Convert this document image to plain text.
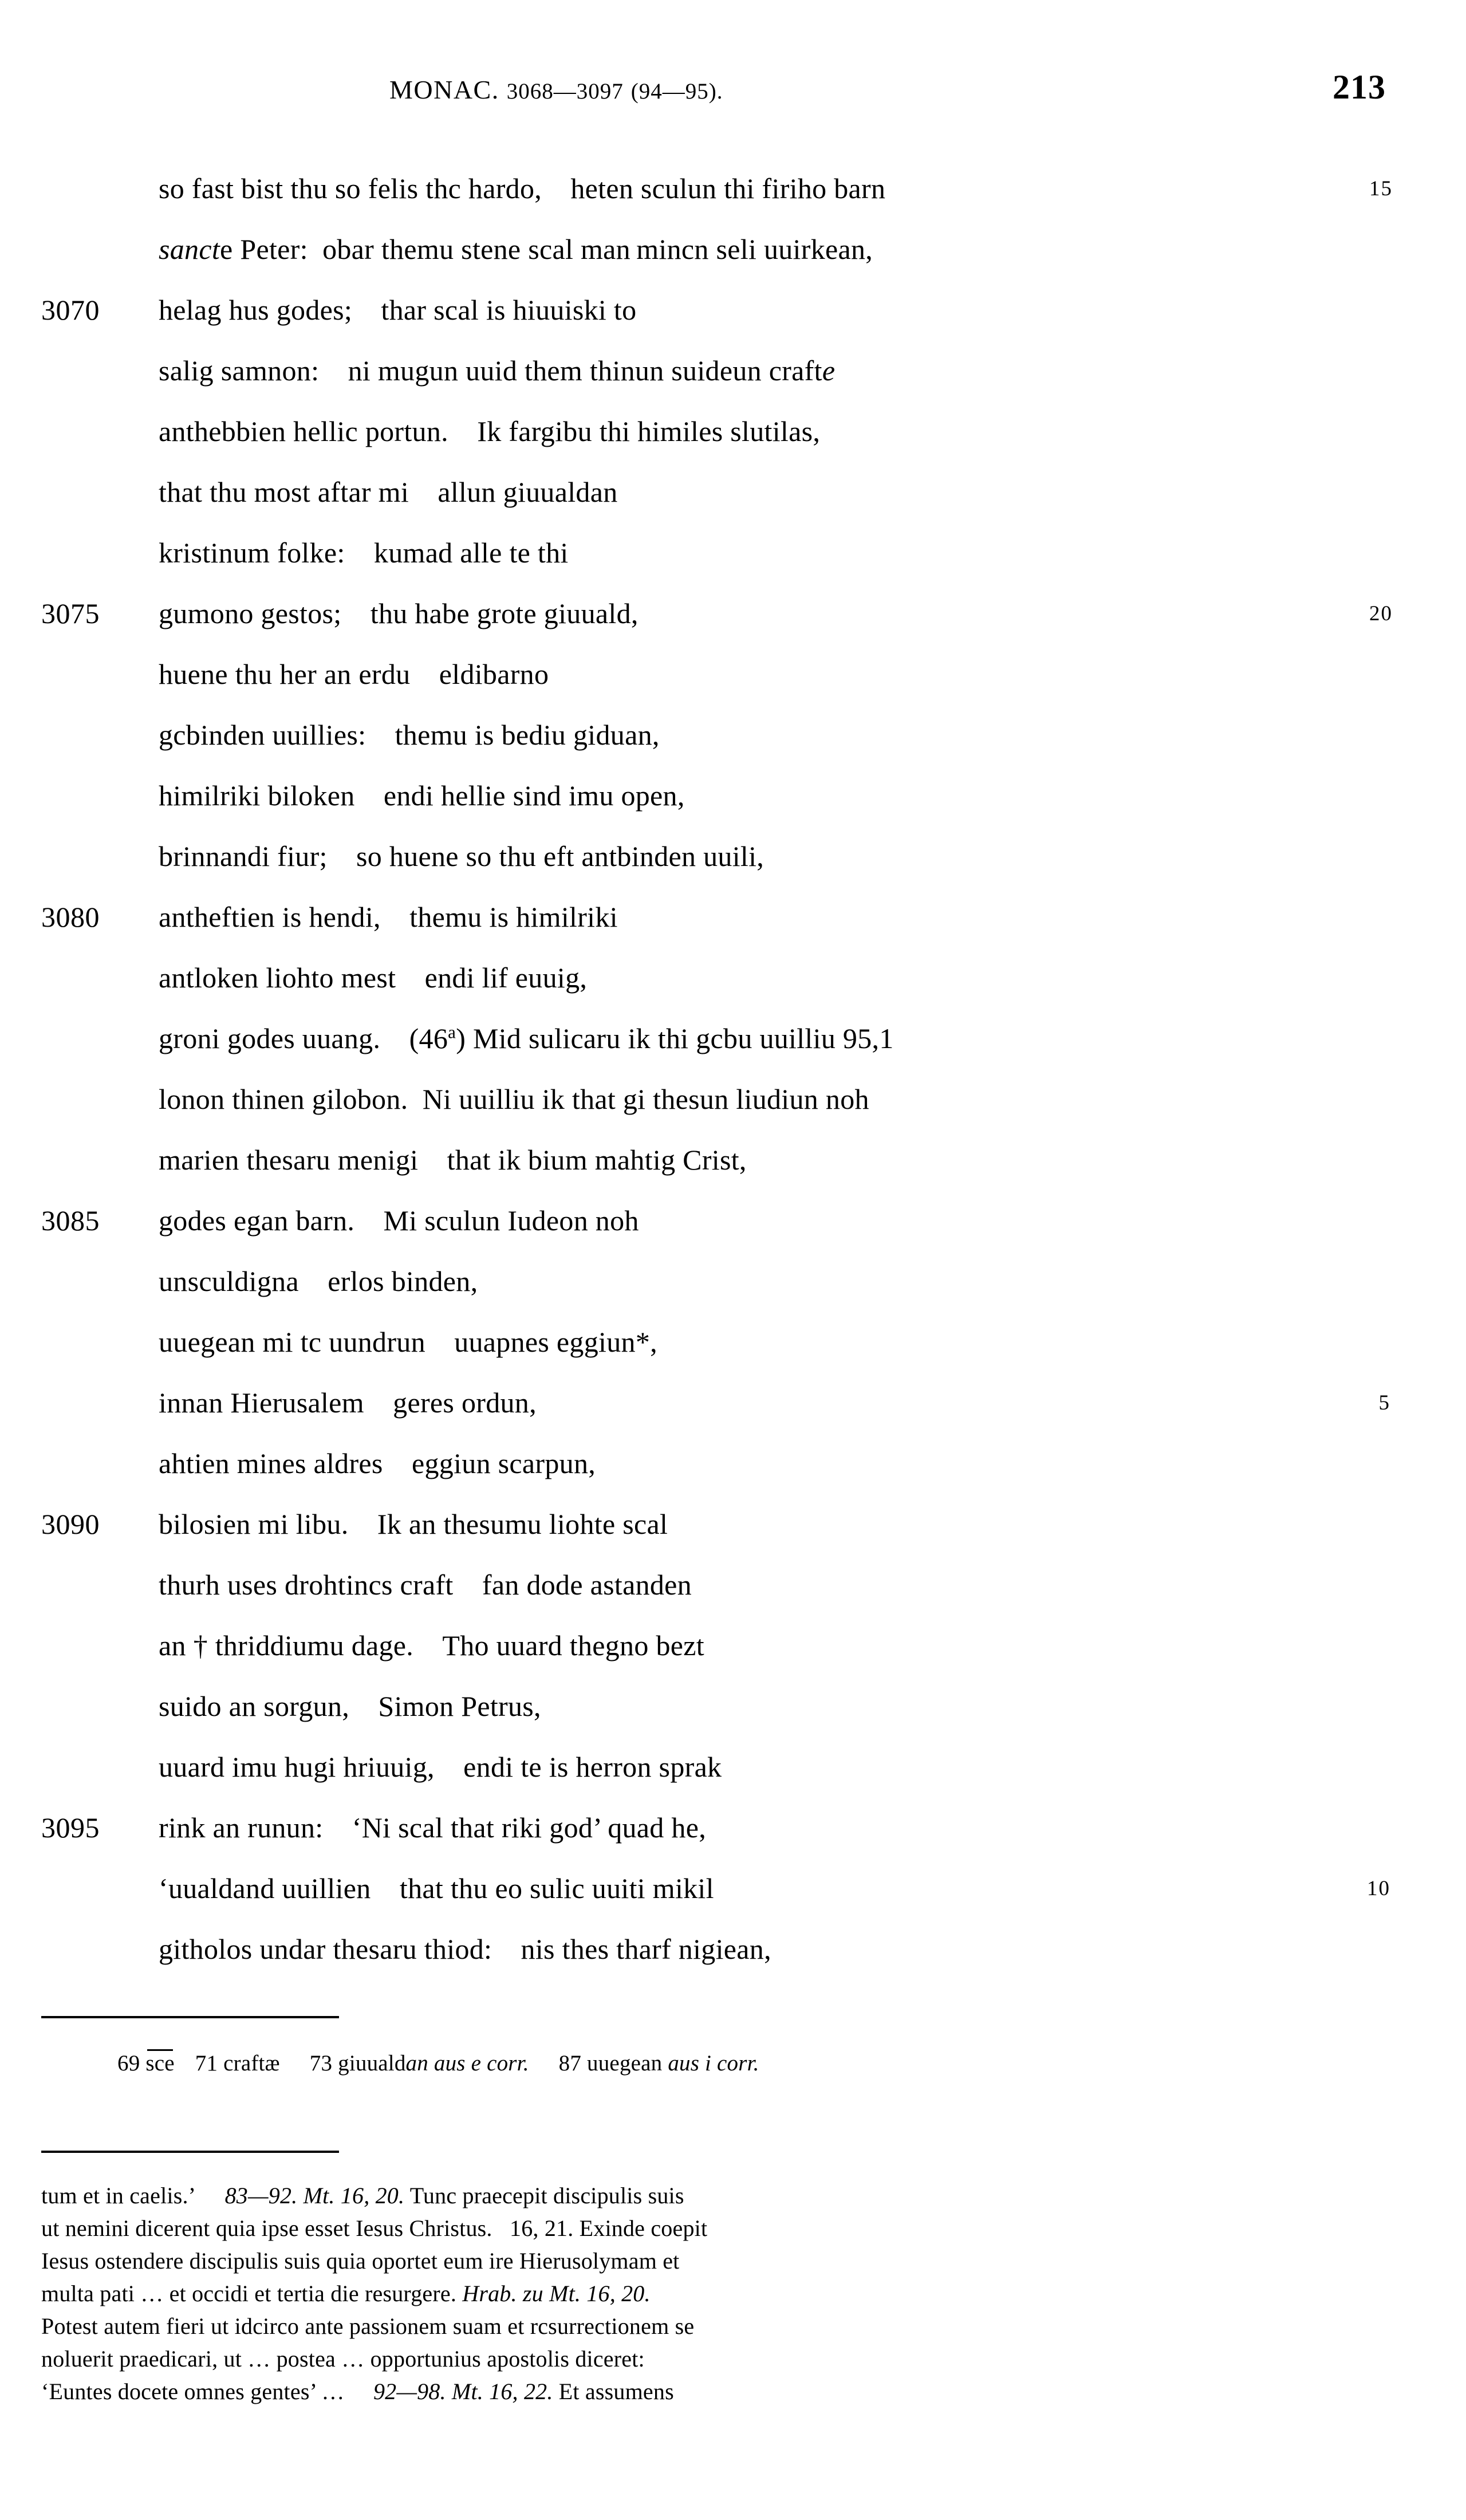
MONAC. 3068—3097 (94—95).	213
so fast bist thu so felis thc hardo, heten sculun thi firiho barn	15
sancte Peter: obar themu stene scal man mincn seli uuirkean,
3070	helag hus godes; thar scal is hiuuiski to
salig samnon: ni mugun uuid them thinun suideun crafte
anthebbien hellic portun. Ik fargibu thi himiles slutilas,
that thu most aftar mi allun giuualdan
kristinum folke: kumad alle te thi
3075	gumono gestos; thu habe grote giuuald,	20
huene thu her an erdu eldibarno
gcbinden uuillies: themu is bediu giduan,
himilriki biloken endi hellie sind imu open,
brinnandi fiur; so huene so thu eft antbinden uuili,
3080	antheftien is hendi, themu is himilriki
antloken liohto mest endi lif euuig,
groni godes uuang. (46$^a$) Mid sulicaru ik thi gcbu uuilliu 95,1
lonon thinen gilobon. Ni uuilliu ik that gi thesun liudiun noh
marien thesaru menigi that ik bium mahtig Crist,
3085	godes egan barn. Mi sculun Iudeon noh
unsculdigna erlos binden,
uuegean mi tc uundrun uuapnes eggiun*,
innan Hierusalem geres ordun,	5
ahtien mines aldres eggiun scarpun,
3090	bilosien mi libu. Ik an thesumu liohte scal
thurh uses drohtincs craft fan dode astanden
an † thriddiumu dage. Tho uuard thegno bezt
suido an sorgun, Simon Petrus,
uuard imu hugi hriuuig, endi te is herron sprak
3095	rink an runun: ‘Ni scal that riki god’ quad he,
‘uualdand uuillien that thu eo sulic uuiti mikil	10
githolos undar thesaru thiod: nis thes tharf nigiean,
69 sce 71 craftæ 73 giuualdan aus e corr. 87 uuegean aus i corr.
tum et in caelis.’  83—92. Mt. 16, 20. Tunc praecepit discipulis suis
ut nemini dicerent quia ipse esset Iesus Christus.  16, 21. Exinde coepit
Iesus ostendere discipulis suis quia oportet eum ire Hierusolymam et
multa pati … et occidi et tertia die resurgere. Hrab. zu Mt. 16, 20.
Potest autem fieri ut idcirco ante passionem suam et rcsurrectionem se
noluerit praedicari, ut … postea … opportunius apostolis diceret:
‘Euntes docete omnes gentes’ …  92—98. Mt. 16, 22. Et assumens
